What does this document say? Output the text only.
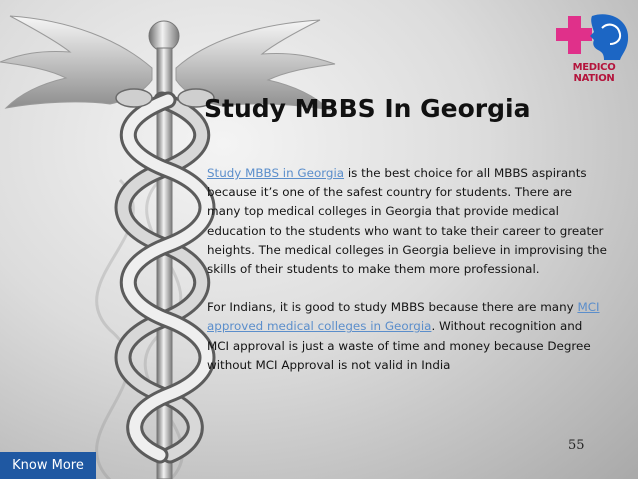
MEDICO NATION
Study MBBS In Georgia

Study MBBS in Georgia is the best choice for all MBBS aspirants because it’s one of the safest country for students. There are many top medical colleges in Georgia that provide medical education to the students who want to take their career to greater heights. The medical colleges in Georgia believe in improvising the skills of their students to make them more professional.

For Indians, it is good to study MBBS because there are many MCI approved medical colleges in Georgia. Without recognition and MCI approval is just a waste of time and money because Degree without MCI Approval is not valid in India

55
Know More
